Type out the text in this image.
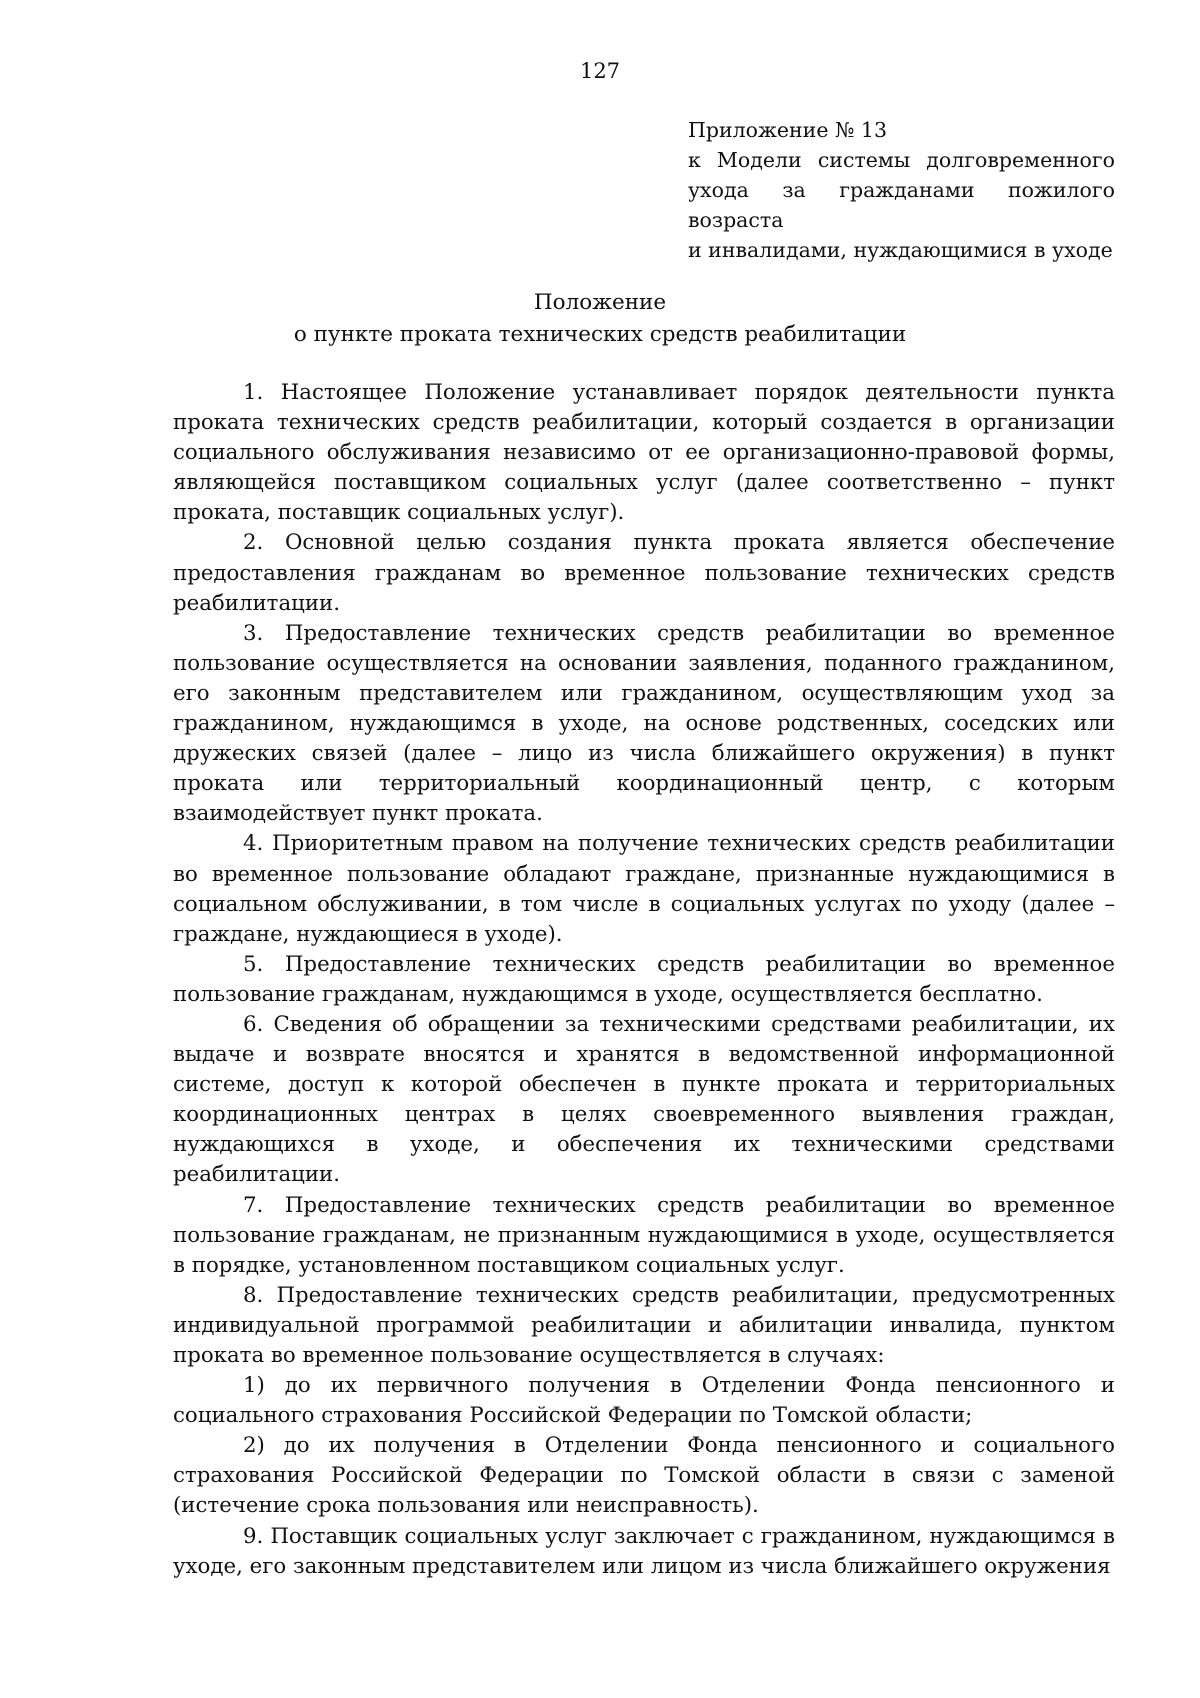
127
Приложение № 13
к Модели системы долговременного
ухода за гражданами пожилого возраста
и инвалидами, нуждающимися в уходе
Положение
о пункте проката технических средств реабилитации

1. Настоящее Положение устанавливает порядок деятельности пункта проката технических средств реабилитации, который создается в организации социального обслуживания независимо от ее организационно-правовой формы, являющейся поставщиком социальных услуг (далее соответственно – пункт проката, поставщик социальных услуг).

2. Основной целью создания пункта проката является обеспечение предоставления гражданам во временное пользование технических средств реабилитации.

3. Предоставление технических средств реабилитации во временное пользование осуществляется на основании заявления, поданного гражданином, его законным представителем или гражданином, осуществляющим уход за гражданином, нуждающимся в уходе, на основе родственных, соседских или дружеских связей (далее – лицо из числа ближайшего окружения) в пункт проката или территориальный координационный центр, с которым взаимодействует пункт проката.

4. Приоритетным правом на получение технических средств реабилитации во временное пользование обладают граждане, признанные нуждающимися в социальном обслуживании, в том числе в социальных услугах по уходу (далее – граждане, нуждающиеся в уходе).

5. Предоставление технических средств реабилитации во временное пользование гражданам, нуждающимся в уходе, осуществляется бесплатно.

6. Сведения об обращении за техническими средствами реабилитации, их выдаче и возврате вносятся и хранятся в ведомственной информационной системе, доступ к которой обеспечен в пункте проката и территориальных координационных центрах в целях своевременного выявления граждан, нуждающихся в уходе, и обеспечения их техническими средствами реабилитации.

7. Предоставление технических средств реабилитации во временное пользование гражданам, не признанным нуждающимися в уходе, осуществляется в порядке, установленном поставщиком социальных услуг.

8. Предоставление технических средств реабилитации, предусмотренных индивидуальной программой реабилитации и абилитации инвалида, пунктом проката во временное пользование осуществляется в случаях:

1) до их первичного получения в Отделении Фонда пенсионного и социального страхования Российской Федерации по Томской области;

2) до их получения в Отделении Фонда пенсионного и социального страхования Российской Федерации по Томской области в связи с заменой (истечение срока пользования или неисправность).

9. Поставщик социальных услуг заключает с гражданином, нуждающимся в уходе, его законным представителем или лицом из числа ближайшего окружения
